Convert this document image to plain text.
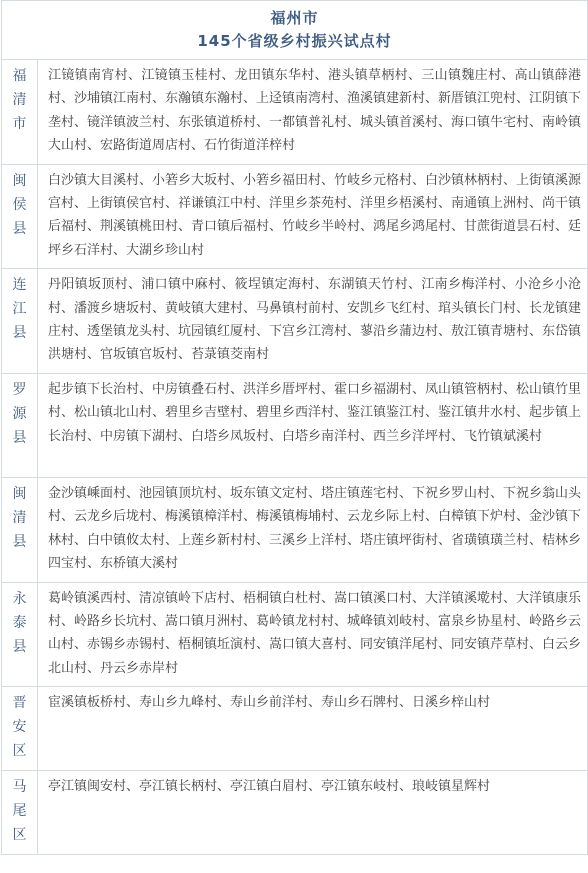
福州市
145个省级乡村振兴试点村	

福清市	江镜镇南宵村、江镜镇玉桂村、龙田镇东华村、港头镇草柄村、三山镇魏庄村、高山镇薛港村、沙埔镇江南村、东瀚镇东瀚村、上迳镇南湾村、渔溪镇建新村、新厝镇江兜村、江阴镇下垄村、镜洋镇波兰村、东张镇道桥村、一都镇普礼村、城头镇首溪村、海口镇牛宅村、南岭镇大山村、宏路街道周店村、石竹街道洋梓村

闽侯县	白沙镇大目溪村、小箬乡大坂村、小箬乡福田村、竹岐乡元格村、白沙镇林柄村、上街镇溪源宫村、上街镇侯官村、祥谦镇江中村、洋里乡茶苑村、洋里乡梧溪村、南通镇上洲村、尚干镇后福村、荆溪镇桃田村、青口镇后福村、竹岐乡半岭村、鸿尾乡鸿尾村、甘蔗街道昙石村、廷坪乡石洋村、大湖乡珍山村

连江县	丹阳镇坂顶村、浦口镇中麻村、筱埕镇定海村、东湖镇天竹村、江南乡梅洋村、小沧乡小沧村、潘渡乡塘坂村、黄岐镇大建村、马鼻镇村前村、安凯乡飞红村、琯头镇长门村、长龙镇建庄村、透堡镇龙头村、坑园镇红厦村、下宫乡江湾村、蓼沿乡蒲边村、敖江镇青塘村、东岱镇洪塘村、官坂镇官坂村、苔菉镇茭南村

罗源县	起步镇下长治村、中房镇叠石村、洪洋乡厝坪村、霍口乡福湖村、凤山镇管柄村、松山镇竹里村、松山镇北山村、碧里乡吉壁村、碧里乡西洋村、鉴江镇鉴江村、鉴江镇井水村、起步镇上长治村、中房镇下湖村、白塔乡凤坂村、白塔乡南洋村、西兰乡洋坪村、飞竹镇斌溪村

闽清县	金沙镇嵊面村、池园镇顶坑村、坂东镇文定村、塔庄镇莲宅村、下祝乡罗山村、下祝乡翁山头村、云龙乡后垅村、梅溪镇樟洋村、梅溪镇梅埔村、云龙乡际上村、白樟镇下炉村、金沙镇下林村、白中镇攸太村、上莲乡新村村、三溪乡上洋村、塔庄镇坪街村、省璜镇璜兰村、桔林乡四宝村、东桥镇大溪村

永泰县	葛岭镇溪西村、清凉镇岭下店村、梧桐镇白杜村、嵩口镇溪口村、大洋镇溪墘村、大洋镇康乐村、岭路乡长坑村、嵩口镇月洲村、葛岭镇龙村村、城峰镇刘岐村、富泉乡协星村、岭路乡云山村、赤锡乡赤锡村、梧桐镇坵演村、嵩口镇大喜村、同安镇洋尾村、同安镇芹草村、白云乡北山村、丹云乡赤岸村

晋安区	宦溪镇板桥村、寿山乡九峰村、寿山乡前洋村、寿山乡石牌村、日溪乡梓山村

马尾区	亭江镇闽安村、亭江镇长柄村、亭江镇白眉村、亭江镇东岐村、琅岐镇星辉村
